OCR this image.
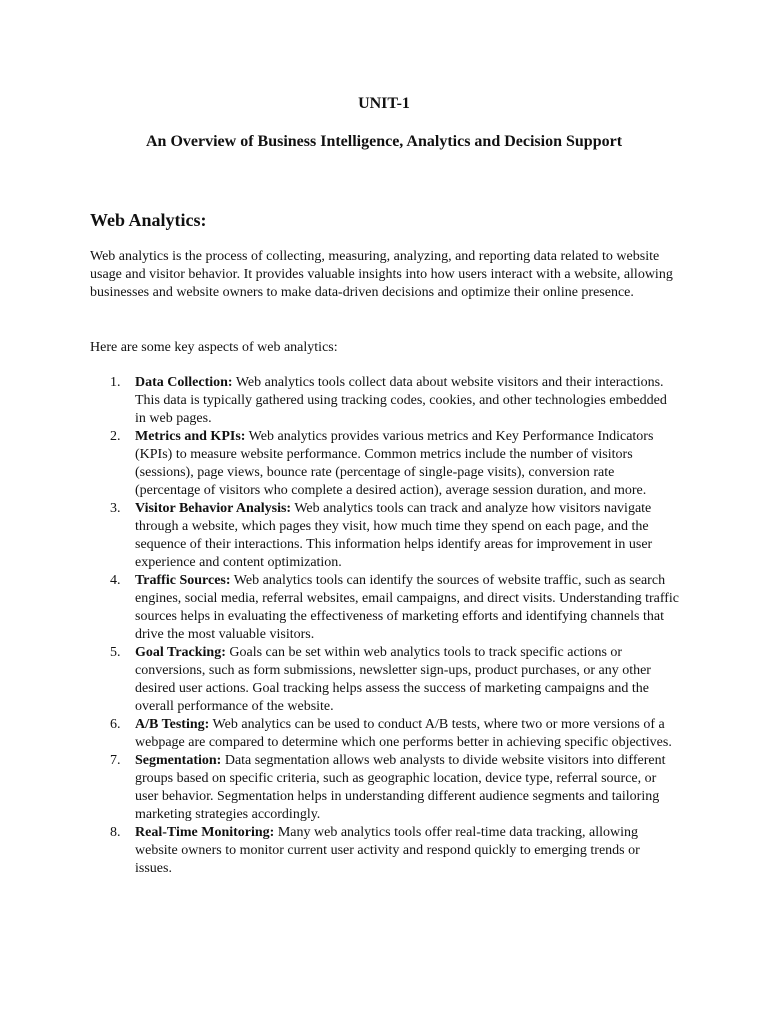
UNIT-1
An Overview of Business Intelligence, Analytics and Decision Support
Web Analytics:

Web analytics is the process of collecting, measuring, analyzing, and reporting data related to website usage and visitor behavior. It provides valuable insights into how users interact with a website, allowing businesses and website owners to make data-driven decisions and optimize their online presence.

Here are some key aspects of web analytics:

1. Data Collection: Web analytics tools collect data about website visitors and their interactions. This data is typically gathered using tracking codes, cookies, and other technologies embedded in web pages.
2. Metrics and KPIs: Web analytics provides various metrics and Key Performance Indicators (KPIs) to measure website performance. Common metrics include the number of visitors (sessions), page views, bounce rate (percentage of single-page visits), conversion rate (percentage of visitors who complete a desired action), average session duration, and more.
3. Visitor Behavior Analysis: Web analytics tools can track and analyze how visitors navigate through a website, which pages they visit, how much time they spend on each page, and the sequence of their interactions. This information helps identify areas for improvement in user experience and content optimization.
4. Traffic Sources: Web analytics tools can identify the sources of website traffic, such as search engines, social media, referral websites, email campaigns, and direct visits. Understanding traffic sources helps in evaluating the effectiveness of marketing efforts and identifying channels that drive the most valuable visitors.
5. Goal Tracking: Goals can be set within web analytics tools to track specific actions or conversions, such as form submissions, newsletter sign-ups, product purchases, or any other desired user actions. Goal tracking helps assess the success of marketing campaigns and the overall performance of the website.
6. A/B Testing: Web analytics can be used to conduct A/B tests, where two or more versions of a webpage are compared to determine which one performs better in achieving specific objectives.
7. Segmentation: Data segmentation allows web analysts to divide website visitors into different groups based on specific criteria, such as geographic location, device type, referral source, or user behavior. Segmentation helps in understanding different audience segments and tailoring marketing strategies accordingly.
8. Real-Time Monitoring: Many web analytics tools offer real-time data tracking, allowing website owners to monitor current user activity and respond quickly to emerging trends or issues.
